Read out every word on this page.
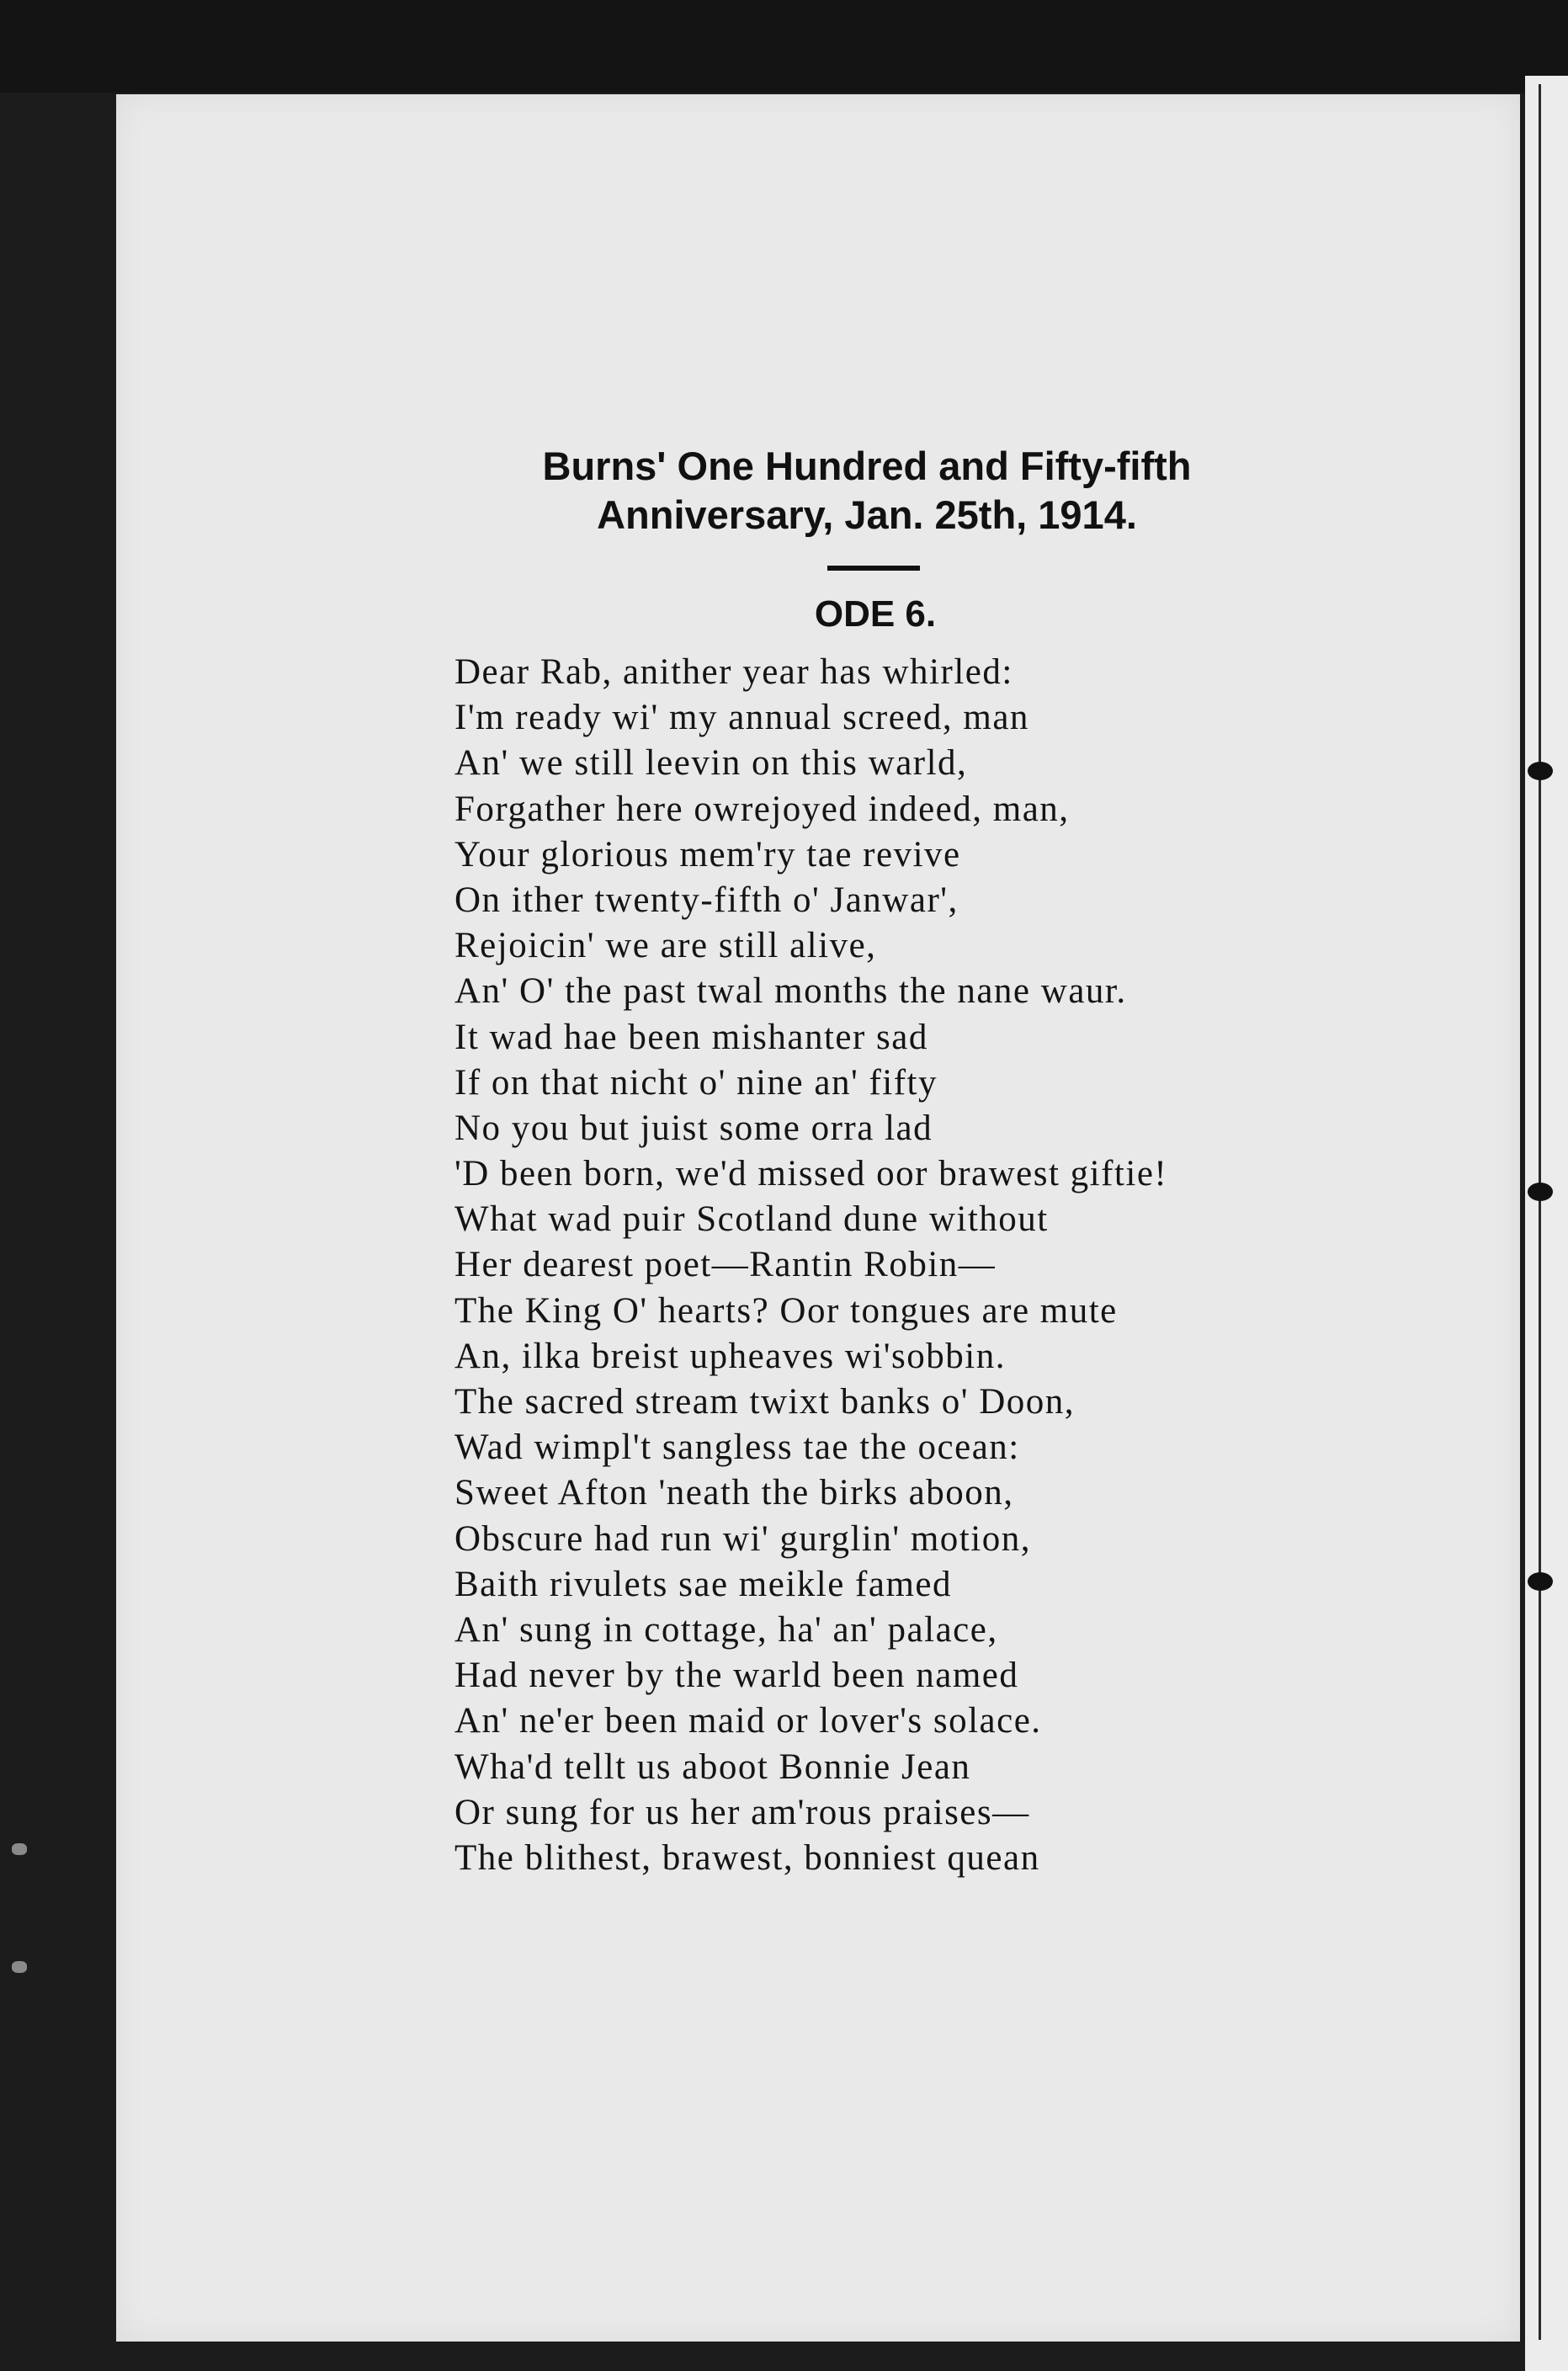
Burns' One Hundred and Fifty-fifth
Anniversary, Jan. 25th, 1914.
ODE 6.
Dear Rab, anither year has whirled:
I'm ready wi' my annual screed, man
An' we still leevin on this warld,
Forgather here owrejoyed indeed, man,
Your glorious mem'ry tae revive
On ither twenty-fifth o' Janwar',
Rejoicin' we are still alive,
An' O' the past twal months the nane waur.
It wad hae been mishanter sad
If on that nicht o' nine an' fifty
No you but juist some orra lad
'D been born, we'd missed oor brawest giftie!
What wad puir Scotland dune without
Her dearest poet—Rantin Robin—
The King O' hearts? Oor tongues are mute
An, ilka breist upheaves wi'sobbin.
The sacred stream twixt banks o' Doon,
Wad wimpl't sangless tae the ocean:
Sweet Afton 'neath the birks aboon,
Obscure had run wi' gurglin' motion,
Baith rivulets sae meikle famed
An' sung in cottage, ha' an' palace,
Had never by the warld been named
An' ne'er been maid or lover's solace.
Wha'd tellt us aboot Bonnie Jean
Or sung for us her am'rous praises—
The blithest, brawest, bonniest quean
